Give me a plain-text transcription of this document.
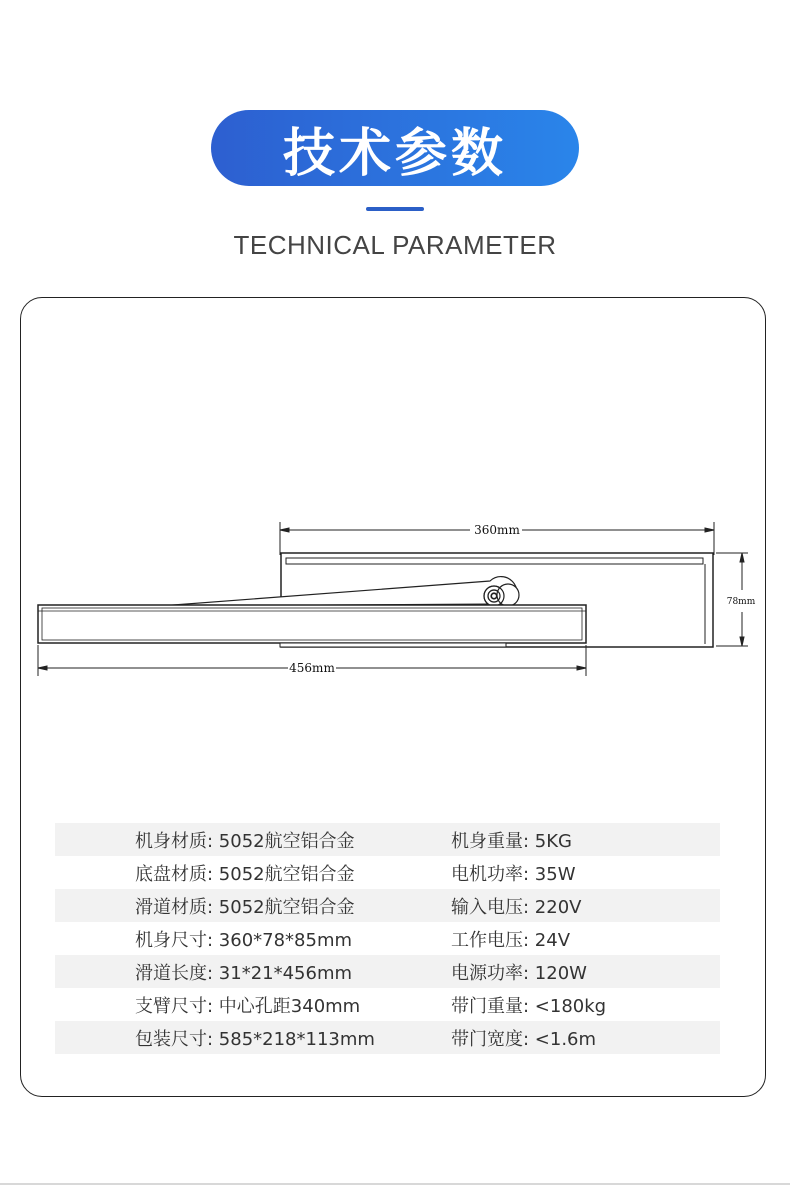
技术参数
TECHNICAL PARAMETER
360mm
78mm
456mm
机身材质: 5052航空铝合金	机身重量: 5KG
底盘材质: 5052航空铝合金	电机功率: 35W
滑道材质: 5052航空铝合金	输入电压: 220V
机身尺寸: 360*78*85mm	工作电压: 24V
滑道长度: 31*21*456mm	电源功率: 120W
支臂尺寸: 中心孔距340mm	带门重量: <180kg
包装尺寸: 585*218*113mm	带门宽度: <1.6m
